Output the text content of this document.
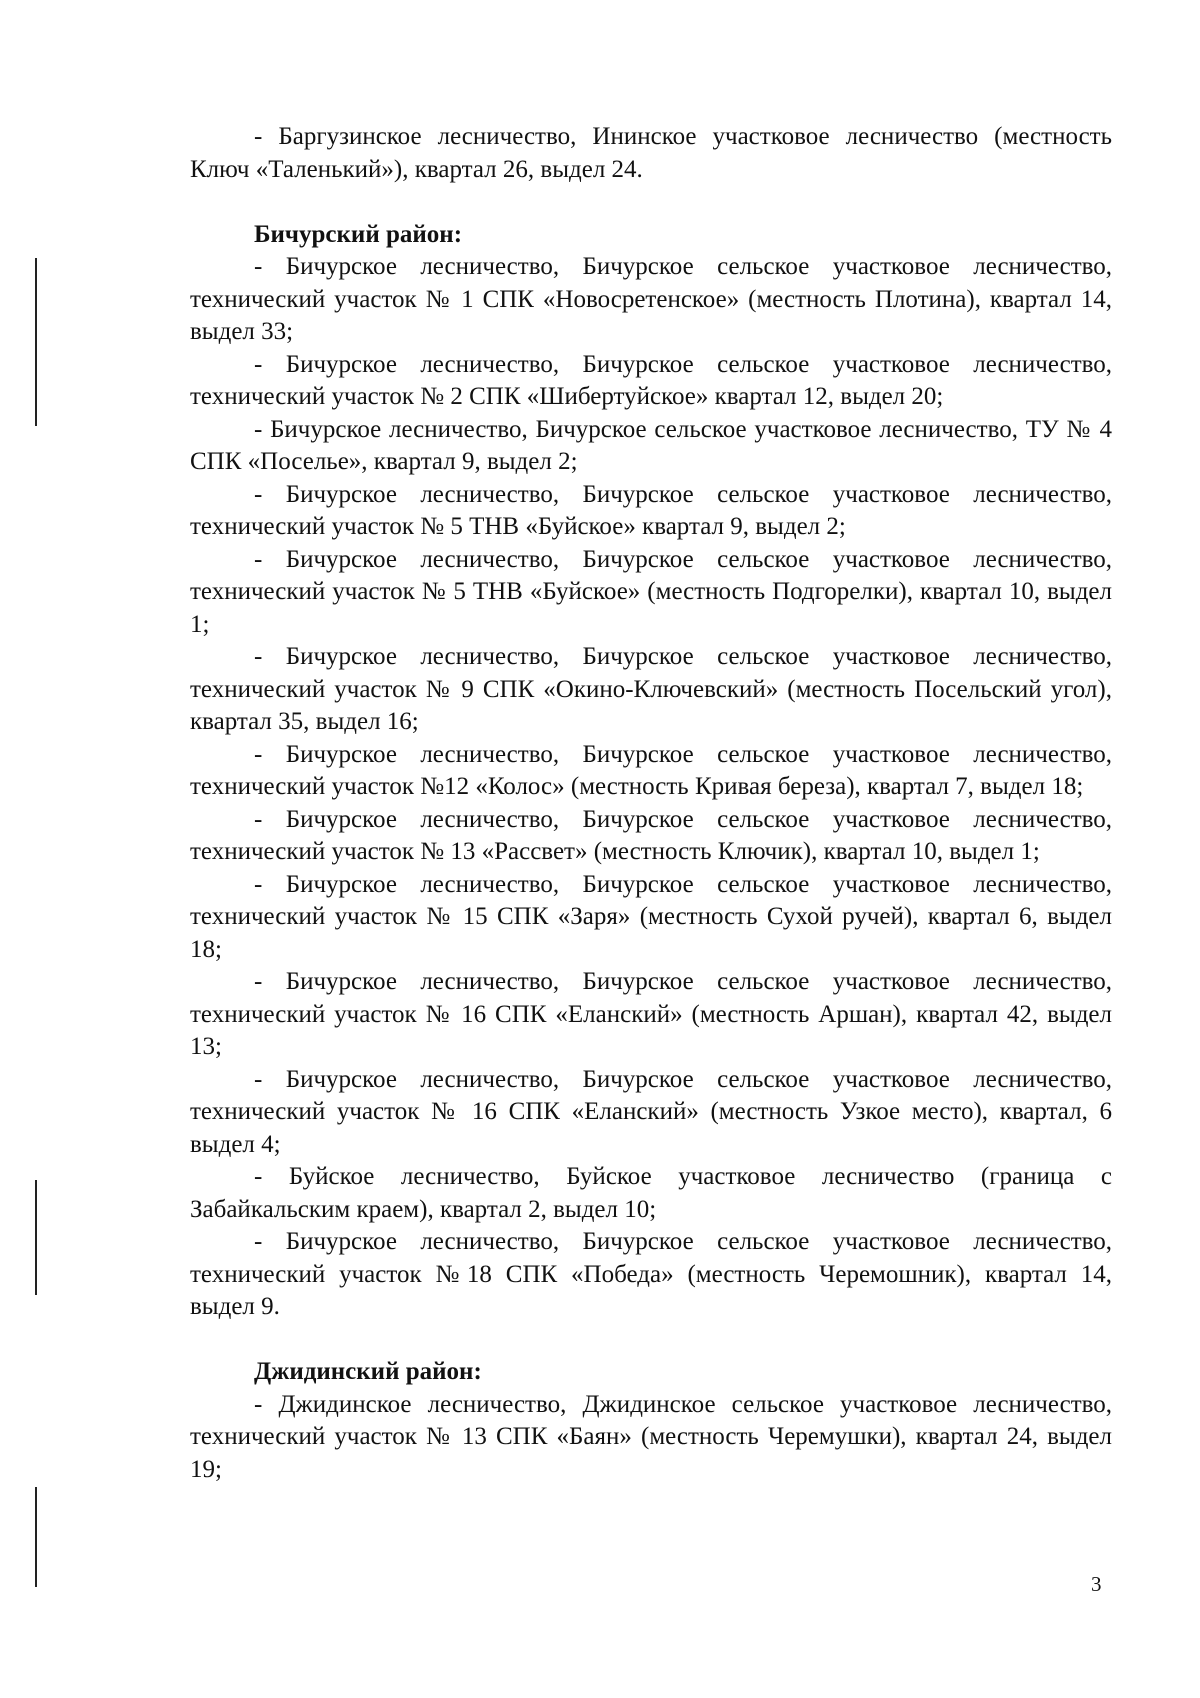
- Баргузинское лесничество, Ининское участковое лесничество (местность Ключ «Таленький»), квартал 26, выдел 24.

Бичурский район:

- Бичурское лесничество, Бичурское сельское участковое лесничество, технический участок № 1 СПК «Новосретенское» (местность Плотина), квартал 14, выдел 33;

- Бичурское лесничество, Бичурское сельское участковое лесничество, технический участок № 2 СПК «Шибертуйское» квартал 12, выдел 20;

- Бичурское лесничество, Бичурское сельское участковое лесничество, ТУ № 4 СПК «Поселье», квартал 9, выдел 2;

- Бичурское лесничество, Бичурское сельское участковое лесничество, технический участок № 5 ТНВ «Буйское» квартал 9, выдел 2;

- Бичурское лесничество, Бичурское сельское участковое лесничество, технический участок № 5 ТНВ «Буйское» (местность Подгорелки), квартал 10, выдел 1;

- Бичурское лесничество, Бичурское сельское участковое лесничество, технический участок № 9 СПК «Окино-Ключевский» (местность Посельский угол), квартал 35, выдел 16;

- Бичурское лесничество, Бичурское сельское участковое лесничество, технический участок №12 «Колос» (местность Кривая береза), квартал 7, выдел 18;

- Бичурское лесничество, Бичурское сельское участковое лесничество, технический участок № 13 «Рассвет» (местность Ключик), квартал 10, выдел 1;

- Бичурское лесничество, Бичурское сельское участковое лесничество, технический участок № 15 СПК «Заря» (местность Сухой ручей), квартал 6, выдел 18;

- Бичурское лесничество, Бичурское сельское участковое лесничество, технический участок № 16 СПК «Еланский» (местность Аршан), квартал 42, выдел 13;

- Бичурское лесничество, Бичурское сельское участковое лесничество, технический участок № 16 СПК «Еланский» (местность Узкое место), квартал, 6 выдел 4;

- Буйское лесничество, Буйское участковое лесничество (граница с Забайкальским краем), квартал 2, выдел 10;

- Бичурское лесничество, Бичурское сельское участковое лесничество, технический участок №18 СПК «Победа» (местность Черемошник), квартал 14, выдел 9.

Джидинский район:

- Джидинское лесничество, Джидинское сельское участковое лесничество, технический участок № 13 СПК «Баян» (местность Черемушки), квартал 24, выдел 19;

3
